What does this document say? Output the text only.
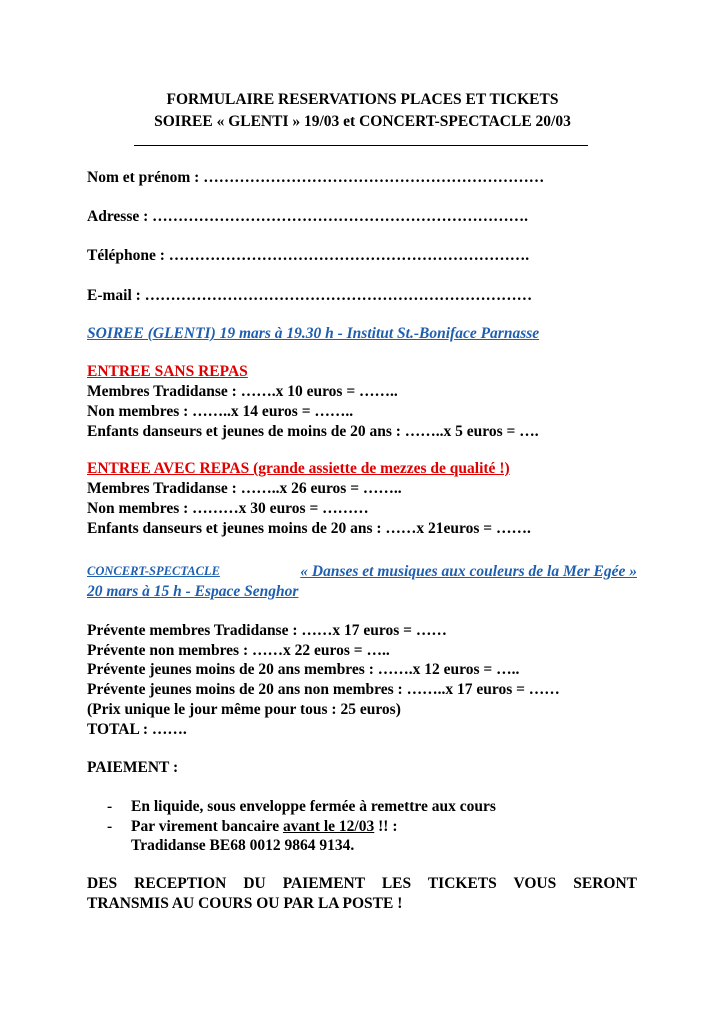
FORMULAIRE RESERVATIONS PLACES ET TICKETS
SOIREE « GLENTI » 19/03 et CONCERT-SPECTACLE 20/03
Nom et prénom : …………………………………………………………
Adresse : ……………………………………………………………….
Téléphone : …………………………………………………………….
E-mail : …………………………………………………………………
SOIREE (GLENTI) 19 mars à 19.30 h - Institut St.-Boniface Parnasse
ENTREE SANS REPAS
Membres Tradidanse : …….x 10 euros = ……..
Non membres : ……..x 14 euros = ……..
Enfants danseurs et jeunes de moins de 20 ans : ……..x 5 euros = ….
ENTREE AVEC REPAS (grande assiette de mezzes de qualité !)
Membres Tradidanse : ……..x 26 euros = ……..
Non membres : ………x 30 euros = ………
Enfants danseurs et jeunes moins de 20 ans : ……x 21euros = …….
CONCERT-SPECTACLE	« Danses et musiques aux couleurs de la Mer Egée »
20 mars à 15 h - Espace Senghor
Prévente membres Tradidanse : ……x 17 euros = ……
Prévente non membres : ……x 22 euros = …..
Prévente jeunes moins de 20 ans membres : …….x 12 euros = …..
Prévente jeunes moins de 20 ans non membres : ……..x 17 euros = ……
(Prix unique le jour même pour tous : 25 euros)
TOTAL : …….
PAIEMENT :
- En liquide, sous enveloppe fermée à remettre aux cours
- Par virement bancaire avant le 12/03 !! :
Tradidanse BE68 0012 9864 9134.
DES RECEPTION DU PAIEMENT LES TICKETS VOUS SERONT
TRANSMIS AU COURS OU PAR LA POSTE !
